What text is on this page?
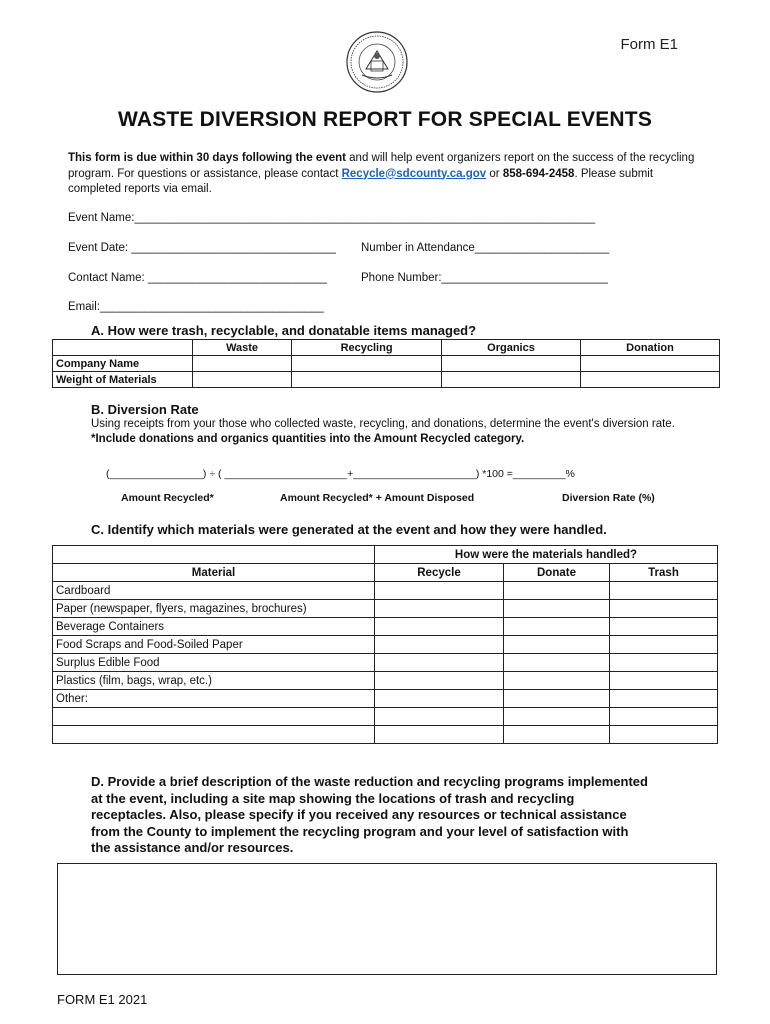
Form E1
WASTE DIVERSION REPORT FOR SPECIAL EVENTS
This form is due within 30 days following the event and will help event organizers report on the success of the recycling program. For questions or assistance, please contact Recycle@sdcounty.ca.gov or 858-694-2458. Please submit completed reports via email.
Event Name:________________________________________________________________________
Event Date: ________________________________ Number in Attendance_____________________
Contact Name: ____________________________	Phone Number:__________________________
Email:___________________________________
A. How were trash, recyclable, and donatable items managed?
	Waste	Recycling	Organics	Donation
Company Name				
Weight of Materials				
B. Diversion Rate
Using receipts from your those who collected waste, recycling, and donations, determine the event's diversion rate. *Include donations and organics quantities into the Amount Recycled category.
(________________) ÷ ( _____________________+_____________________) *100 =_________%
Amount Recycled*	Amount Recycled* + Amount Disposed	Diversion Rate (%)
C. Identify which materials were generated at the event and how they were handled.
	How were the materials handled?		
Material	Recycle	Donate	Trash
Cardboard			
Paper (newspaper, flyers, magazines, brochures)			
Beverage Containers			
Food Scraps and Food-Soiled Paper			
Surplus Edible Food			
Plastics (film, bags, wrap, etc.)			
Other:			

D. Provide a brief description of the waste reduction and recycling programs implemented at the event, including a site map showing the locations of trash and recycling receptacles. Also, please specify if you received any resources or technical assistance from the County to implement the recycling program and your level of satisfaction with the assistance and/or resources.
FORM E1 2021
